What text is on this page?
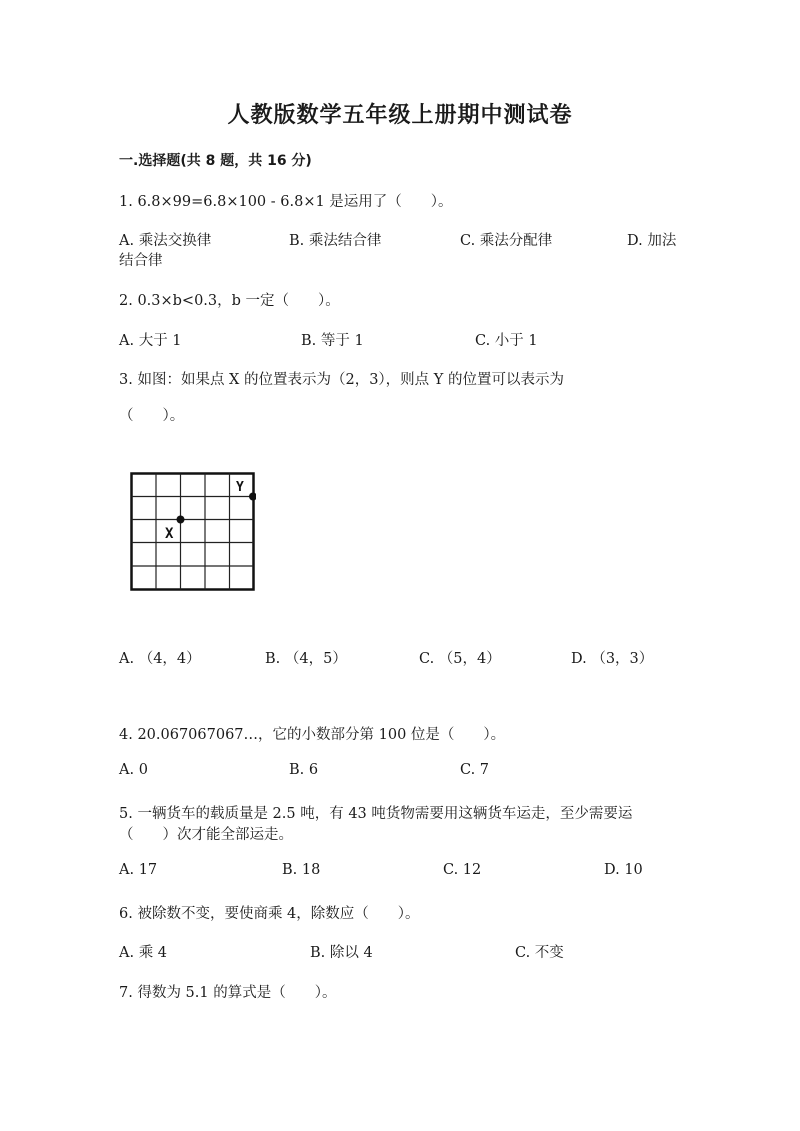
人教版数学五年级上册期中测试卷
一.选择题(共 8 题，共 16 分)
1. 6.8×99=6.8×100 - 6.8×1 是运用了（　　）。
A. 乘法交换律	B. 乘法结合律	C. 乘法分配律	D. 加法
结合律
2. 0.3×b<0.3，b 一定（　　）。
A. 大于 1	B. 等于 1	C. 小于 1
3. 如图：如果点 X 的位置表示为（2，3），则点 Y 的位置可以表示为
（　　）。
X
Y
A. （4，4）	B. （4，5）	C. （5，4）	D. （3，3）
4. 20.067067067…，它的小数部分第 100 位是（　　）。
A. 0	B. 6	C. 7
5. 一辆货车的载质量是 2.5 吨，有 43 吨货物需要用这辆货车运走，至少需要运
（　　）次才能全部运走。
A. 17	B. 18	C. 12	D. 10
6. 被除数不变，要使商乘 4，除数应（　　）。
A. 乘 4	B. 除以 4	C. 不变
7. 得数为 5.1 的算式是（　　）。
